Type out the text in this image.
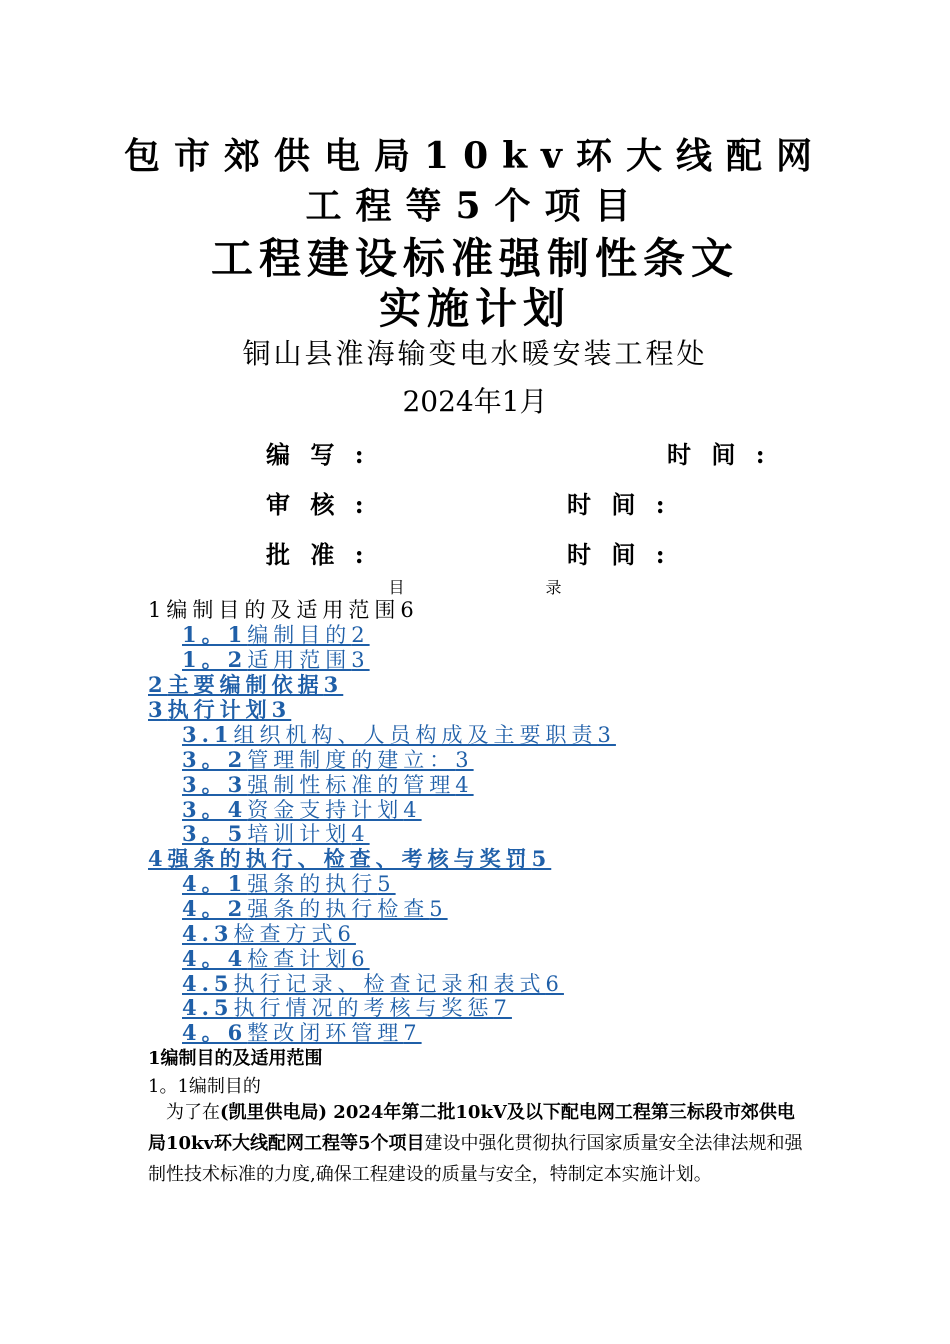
包市郊供电局10kv环大线配网
工程等5个项目
工程建设标准强制性条文
实施计划
铜山县淮海输变电水暖安装工程处
2024年1月
编 写 :	时 间 :
审 核 :	时 间 :
批 准 :	时 间 :
目	录
1编制目的及适用范围6
1。1编制目的2
1。2适用范围3
2主要编制依据3
3执行计划3
3.1组织机构、人员构成及主要职责3
3。2管理制度的建立：3
3。3强制性标准的管理4
3。4资金支持计划4
3。5培训计划4
4强条的执行、检查、考核与奖罚5
4。1强条的执行5
4。2强条的执行检查5
4.3检查方式6
4。4检查计划6
4.5执行记录、检查记录和表式6
4.5执行情况的考核与奖惩7
4。6整改闭环管理7
1编制目的及适用范围
1。1编制目的
为了在(凯里供电局) 2024年第二批10kV及以下配电网工程第三标段市郊供电局10kv环大线配网工程等5个项目建设中强化贯彻执行国家质量安全法律法规和强制性技术标准的力度,确保工程建设的质量与安全，特制定本实施计划。
